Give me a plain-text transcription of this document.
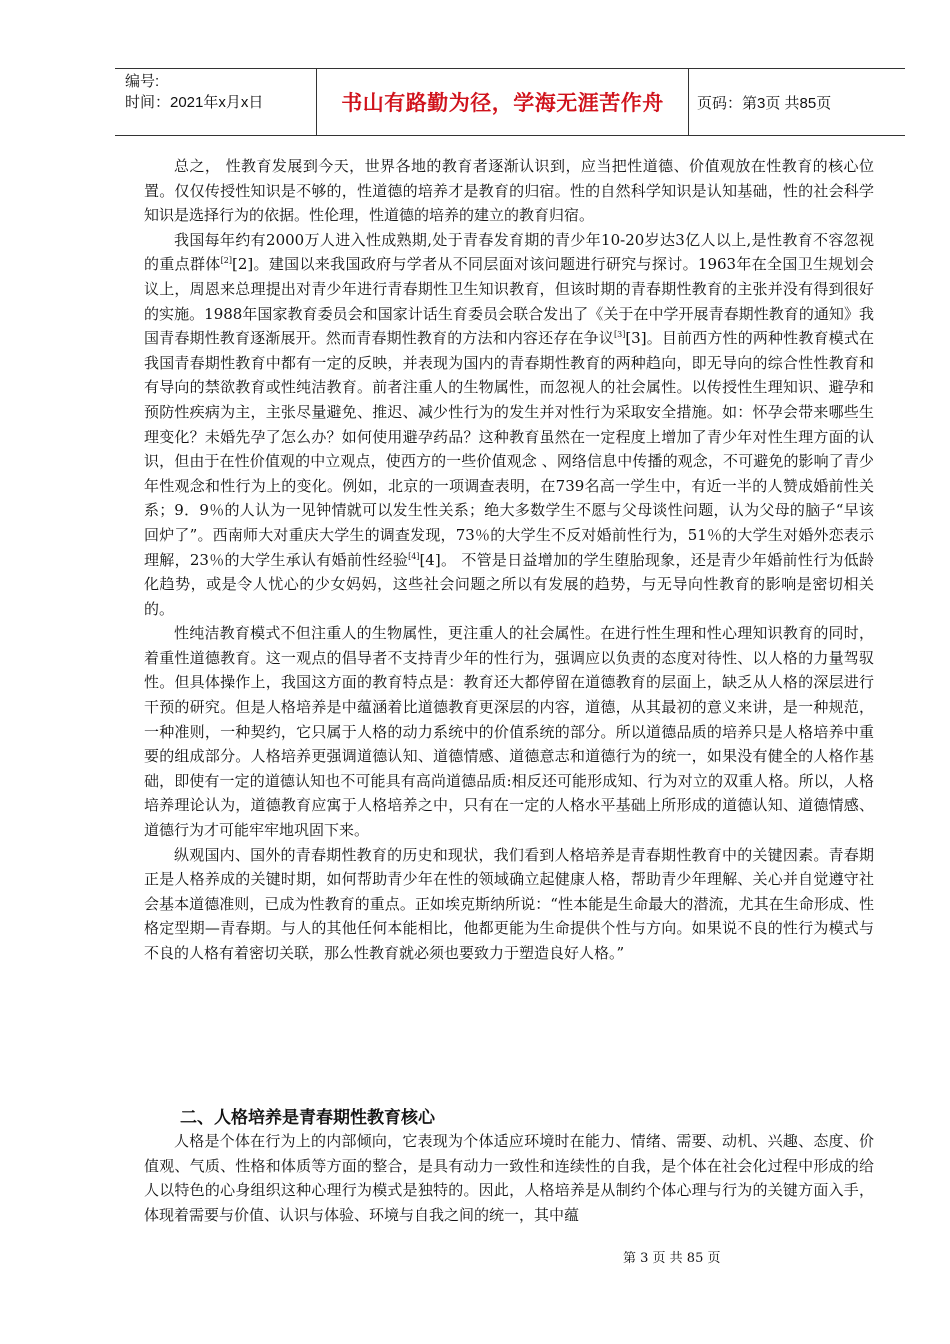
编号:
时间：2021年x月x日	书山有路勤为径，学海无涯苦作舟	页码：第3页 共85页

总之， 性教育发展到今天，世界各地的教育者逐渐认识到，应当把性道德、价值观放在性教育的核心位置。仅仅传授性知识是不够的，性道德的培养才是教育的归宿。性的自然科学知识是认知基础，性的社会科学知识是选择行为的依据。性伦理，性道德的培养的建立的教育归宿。

我国每年约有2000万人进入性成熟期,处于青春发育期的青少年10-20岁达3亿人以上,是性教育不容忽视的重点群体[2][2]。建国以来我国政府与学者从不同层面对该问题进行研究与探讨。1963年在全国卫生规划会议上，周恩来总理提出对青少年进行青春期性卫生知识教育，但该时期的青春期性教育的主张并没有得到很好的实施。1988年国家教育委员会和国家计话生育委员会联合发出了《关于在中学开展青春期性教育的通知》我国青春期性教育逐渐展开。然而青春期性教育的方法和内容还存在争议[3][3]。目前西方性的两种性教育模式在我国青春期性教育中都有一定的反映，并表现为国内的青春期性教育的两种趋向，即无导向的综合性性教育和有导向的禁欲教育或性纯洁教育。前者注重人的生物属性，而忽视人的社会属性。以传授性生理知识、避孕和预防性疾病为主，主张尽量避免、推迟、减少性行为的发生并对性行为采取安全措施。如：怀孕会带来哪些生理变化？未婚先孕了怎么办？如何使用避孕药品？这种教育虽然在一定程度上增加了青少年对性生理方面的认识，但由于在性价值观的中立观点，使西方的一些价值观念 、网络信息中传播的观念，不可避免的影响了青少年性观念和性行为上的变化。例如，北京的一项调查表明，在739名高一学生中，有近一半的人赞成婚前性关系；9．9％的人认为一见钟情就可以发生性关系；绝大多数学生不愿与父母谈性问题，认为父母的脑子“早该回炉了”。西南师大对重庆大学生的调查发现，73％的大学生不反对婚前性行为，51％的大学生对婚外恋表示理解，23％的大学生承认有婚前性经验[4][4]。 不管是日益增加的学生堕胎现象，还是青少年婚前性行为低龄化趋势，或是令人忧心的少女妈妈，这些社会问题之所以有发展的趋势，与无导向性教育的影响是密切相关的。

性纯洁教育模式不但注重人的生物属性，更注重人的社会属性。在进行性生理和性心理知识教育的同时，着重性道德教育。这一观点的倡导者不支持青少年的性行为，强调应以负责的态度对待性、以人格的力量驾驭性。但具体操作上，我国这方面的教育特点是：教育还大都停留在道德教育的层面上，缺乏从人格的深层进行干预的研究。但是人格培养是中蕴涵着比道德教育更深层的内容，道德，从其最初的意义来讲，是一种规范，一种准则，一种契约，它只属于人格的动力系统中的价值系统的部分。所以道德品质的培养只是人格培养中重要的组成部分。人格培养更强调道德认知、道德情感、道德意志和道德行为的统一，如果没有健全的人格作基础，即使有一定的道德认知也不可能具有高尚道德品质:相反还可能形成知、行为对立的双重人格。所以，人格培养理论认为，道德教育应寓于人格培养之中，只有在一定的人格水平基础上所形成的道德认知、道德情感、道德行为才可能牢牢地巩固下来。

纵观国内、国外的青春期性教育的历史和现状，我们看到人格培养是青春期性教育中的关键因素。青春期正是人格养成的关键时期，如何帮助青少年在性的领域确立起健康人格，帮助青少年理解、关心并自觉遵守社会基本道德准则，已成为性教育的重点。正如埃克斯纳所说：“性本能是生命最大的潜流，尤其在生命形成、性格定型期—青春期。与人的其他任何本能相比，他都更能为生命提供个性与方向。如果说不良的性行为模式与不良的人格有着密切关联，那么性教育就必须也要致力于塑造良好人格。”

二、人格培养是青春期性教育核心

人格是个体在行为上的内部倾向，它表现为个体适应环境时在能力、情绪、需要、动机、兴趣、态度、价值观、气质、性格和体质等方面的整合，是具有动力一致性和连续性的自我，是个体在社会化过程中形成的给人以特色的心身组织这种心理行为模式是独特的。因此，人格培养是从制约个体心理与行为的关键方面入手，体现着需要与价值、认识与体验、环境与自我之间的统一，其中蕴

第 3 页 共 85 页
